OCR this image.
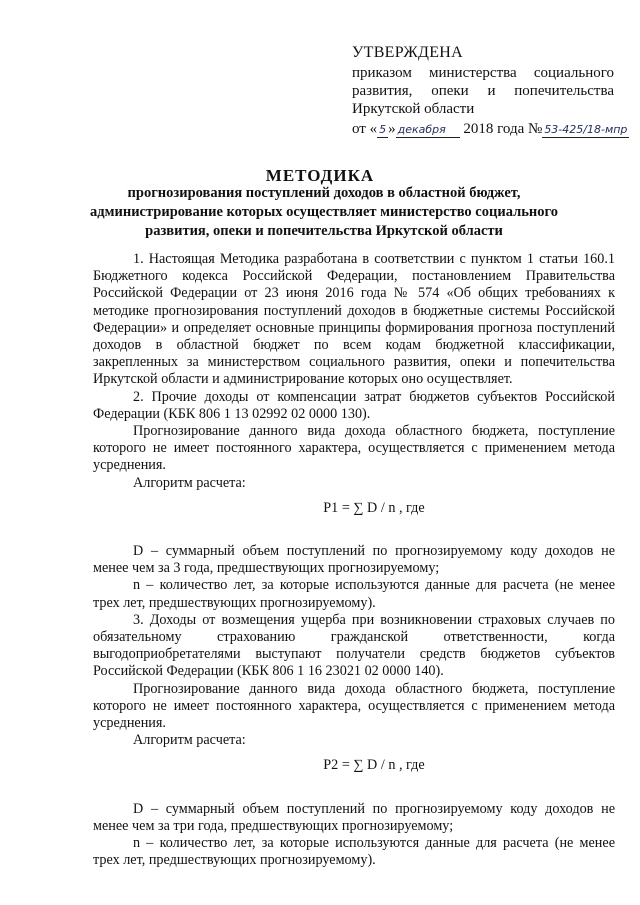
УТВЕРЖДЕНА
приказом министерства социального
развития, опеки и попечительства
Иркутской области
от « 5 » декабря 2018 года № 53-425/18-мпр
МЕТОДИКА
прогнозирования поступлений доходов в областной бюджет, администрирование которых осуществляет министерство социального развития, опеки и попечительства Иркутской области

1. Настоящая Методика разработана в соответствии с пунктом 1 статьи 160.1 Бюджетного кодекса Российской Федерации, постановлением Правительства Российской Федерации от 23 июня 2016 года № 574 «Об общих требованиях к методике прогнозирования поступлений доходов в бюджетные системы Российской Федерации» и определяет основные принципы формирования прогноза поступлений доходов в областной бюджет по всем кодам бюджетной классификации, закрепленных за министерством социального развития, опеки и попечительства Иркутской области и администрирование которых оно осуществляет.

2. Прочие доходы от компенсации затрат бюджетов субъектов Российской Федерации (КБК 806 1 13 02992 02 0000 130).

Прогнозирование данного вида дохода областного бюджета, поступление которого не имеет постоянного характера, осуществляется с применением метода усреднения.

Алгоритм расчета:

P1 = ∑ D / n , где

D – суммарный объем поступлений по прогнозируемому коду доходов не менее чем за 3 года, предшествующих прогнозируемому;

n – количество лет, за которые используются данные для расчета (не менее трех лет, предшествующих прогнозируемому).

3. Доходы от возмещения ущерба при возникновении страховых случаев по обязательному страхованию гражданской ответственности, когда выгодоприобретателями выступают получатели средств бюджетов субъектов Российской Федерации (КБК 806 1 16 23021 02 0000 140).

Прогнозирование данного вида дохода областного бюджета, поступление которого не имеет постоянного характера, осуществляется с применением метода усреднения.

Алгоритм расчета:

P2 = ∑ D / n , где

D – суммарный объем поступлений по прогнозируемому коду доходов не менее чем за три года, предшествующих прогнозируемому;

n – количество лет, за которые используются данные для расчета (не менее трех лет, предшествующих прогнозируемому).
